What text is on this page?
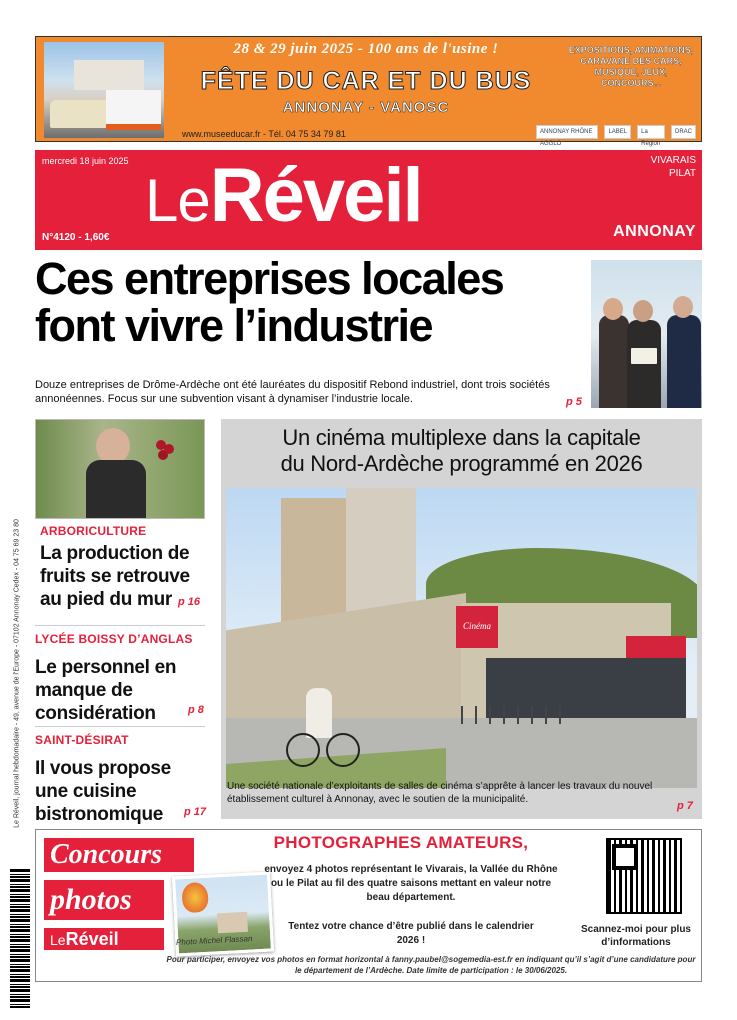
28 & 29 juin 2025 - 100 ans de l'usine !
FÊTE DU CAR ET DU BUS
ANNONAY - VANOSC
www.museeducar.fr - Tél. 04 75 34 79 81
EXPOSITIONS, ANIMATIONS, CARAVANE DES CARS, MUSIQUE, JEUX, CONCOURS...
ANNONAY RHÔNE AGGLO
LABEL	La Région
DRAC
mercredi 18 juin 2025
LeRéveil	VIVARAIS
PILAT
N°4120 - 1,60€	ANNONAY
Ces entreprises locales
font vivre l’industrie
Douze entreprises de Drôme-Ardèche ont été lauréates du dispositif Rebond industriel, dont trois sociétés annonéennes. Focus sur une subvention visant à dynamiser l’industrie locale.	p 5
Le Réveil, journal hebdomadaire - 49, avenue de l'Europe - 07102 Annonay Cedex - 04 75 69 23 80 ARBORICULTURE
La production de fruits se retrouve au pied du mur p 16
LYCÉE BOISSY D’ANGLAS
Le personnel en manque de considération	p 8
SAINT-DÉSIRAT
Il vous propose une cuisine bistronomique	p 17
Un cinéma multiplexe dans la capitale
du Nord-Ardèche programmé en 2026
Cinéma
Une société nationale d’exploitants de salles de cinéma s’apprête à lancer les travaux du nouvel établissement culturel à Annonay, avec le soutien de la municipalité.
p 7
Concours
photos
LeRéveil	Photo Michel Flassan
PHOTOGRAPHES AMATEURS,
envoyez 4 photos représentant le Vivarais, la Vallée du Rhône ou le Pilat au fil des quatre saisons mettant en valeur notre beau département.
Tentez votre chance d’être publié dans le calendrier 2026 !
Scannez-moi pour plus d’informations
Pour participer, envoyez vos photos en format horizontal à fanny.paubel@sogemedia-est.fr en indiquant qu’il s’agit d’une candidature pour le département de l’Ardèche. Date limite de participation : le 30/06/2025.
